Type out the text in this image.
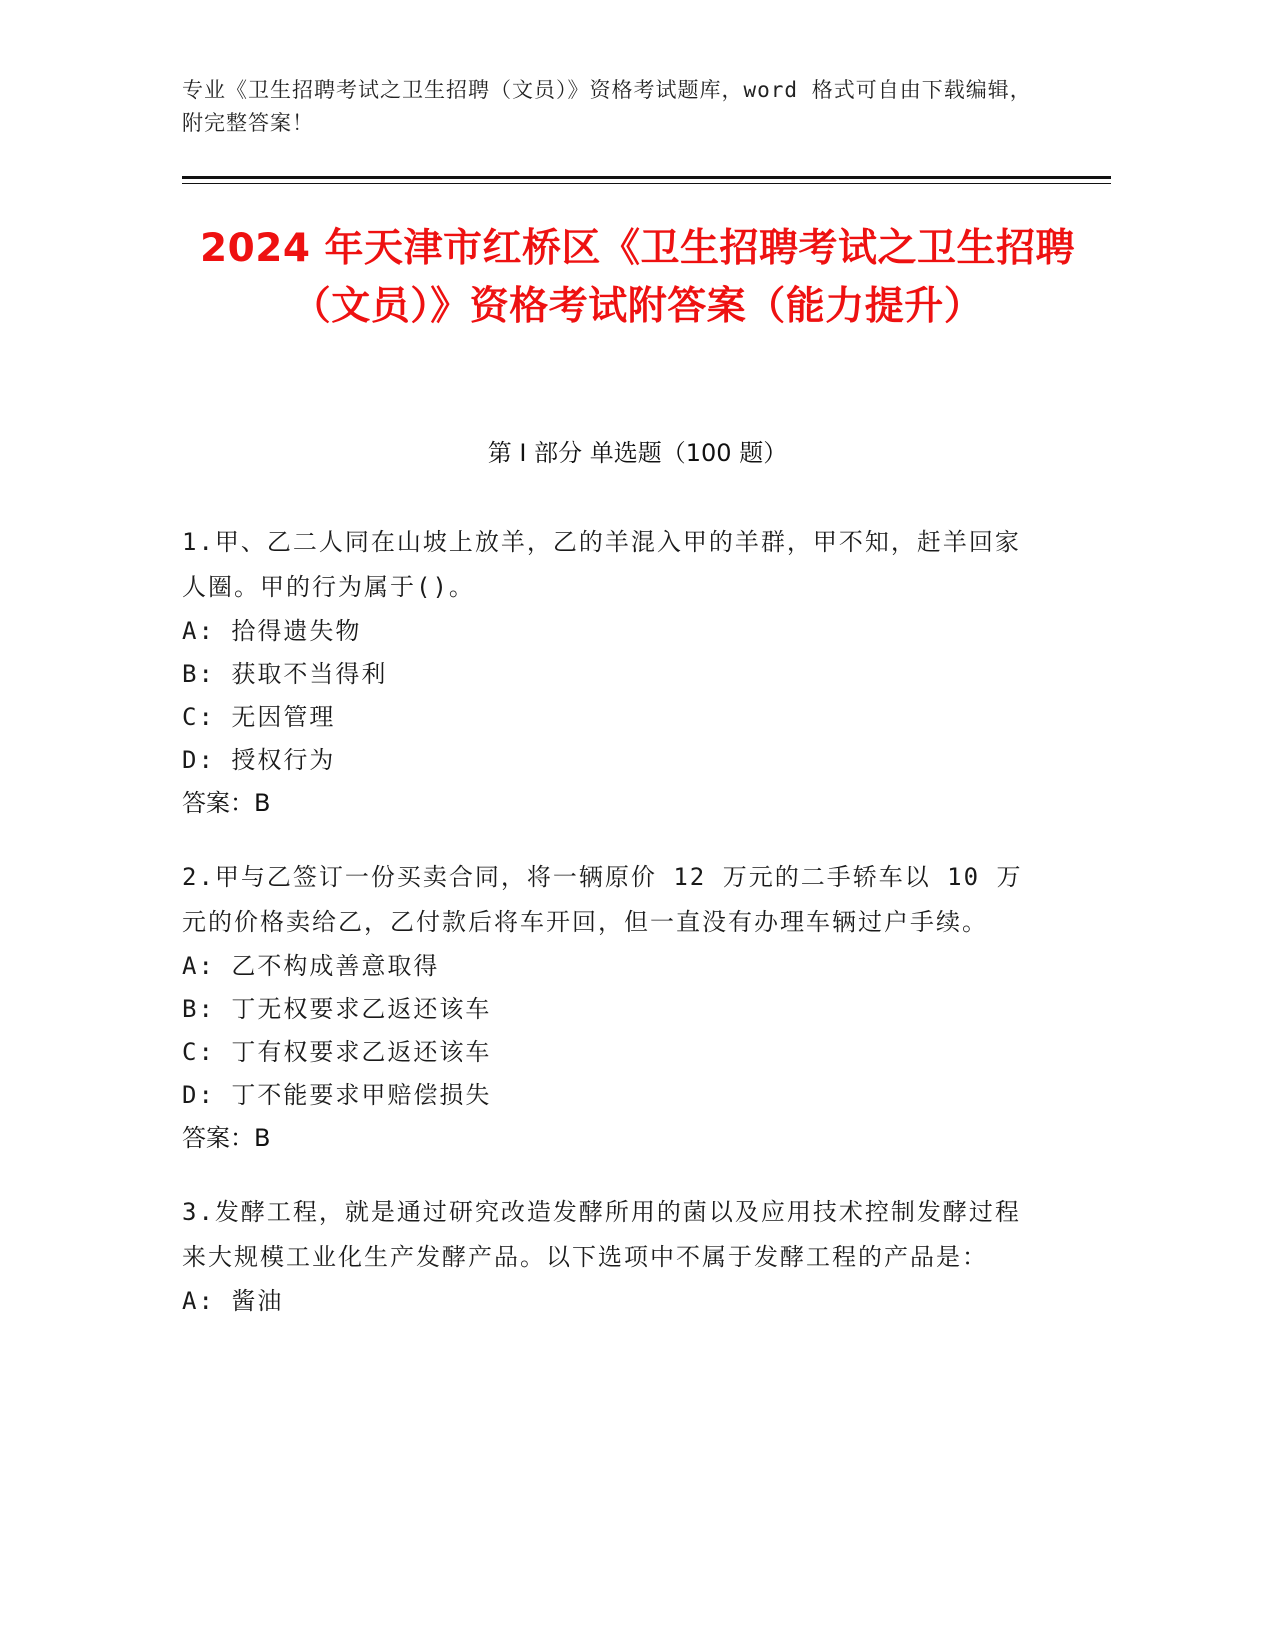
专业《卫生招聘考试之卫生招聘（文员）》资格考试题库，word 格式可自由下载编辑，附完整答案！
2024 年天津市红桥区《卫生招聘考试之卫生招聘（文员）》资格考试附答案（能力提升）
第 I 部分 单选题（100 题）
1.甲、乙二人同在山坡上放羊，乙的羊混入甲的羊群，甲不知，赶羊回家人圈。甲的行为属于()。
A: 拾得遗失物
B: 获取不当得利
C: 无因管理
D: 授权行为
答案：B
2.甲与乙签订一份买卖合同，将一辆原价 12 万元的二手轿车以 10 万元的价格卖给乙，乙付款后将车开回，但一直没有办理车辆过户手续。
A: 乙不构成善意取得
B: 丁无权要求乙返还该车
C: 丁有权要求乙返还该车
D: 丁不能要求甲赔偿损失
答案：B
3.发酵工程，就是通过研究改造发酵所用的菌以及应用技术控制发酵过程来大规模工业化生产发酵产品。以下选项中不属于发酵工程的产品是：
A: 酱油
